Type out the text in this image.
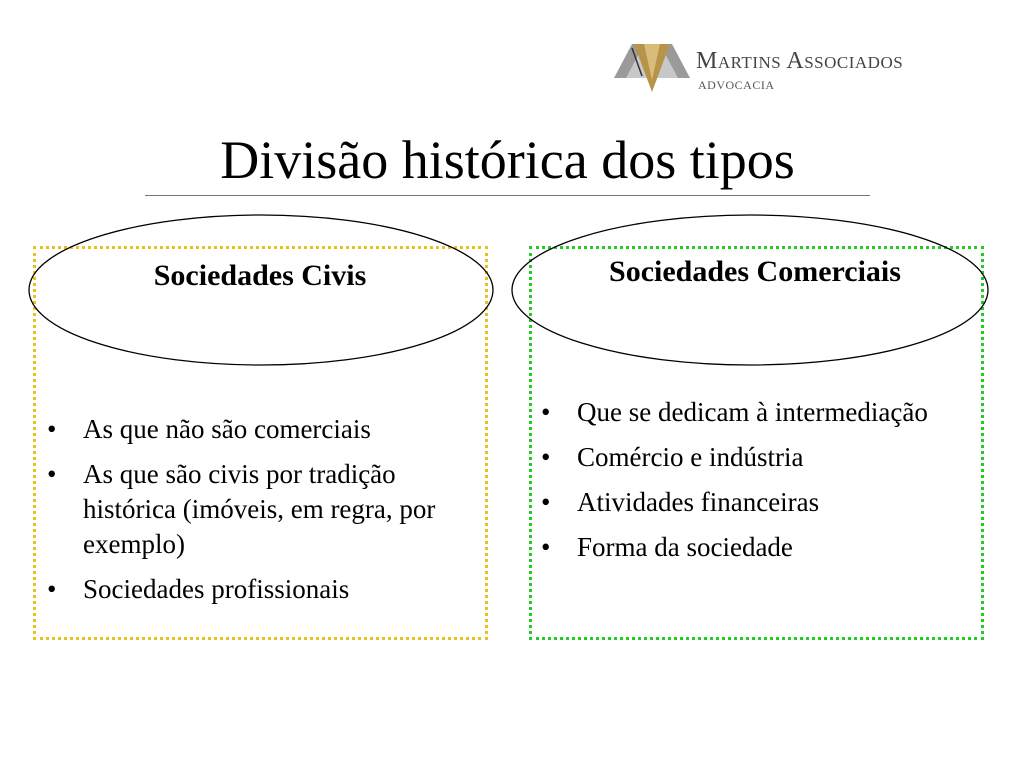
Martins Associados
ADVOCACIA
Divisão histórica dos tipos
Sociedades Civis
• As que não são comerciais
• As que são civis por tradição histórica (imóveis, em regra, por exemplo)
• Sociedades profissionais
Sociedades Comerciais
• Que se dedicam à intermediação
• Comércio e indústria
• Atividades financeiras
• Forma da sociedade
